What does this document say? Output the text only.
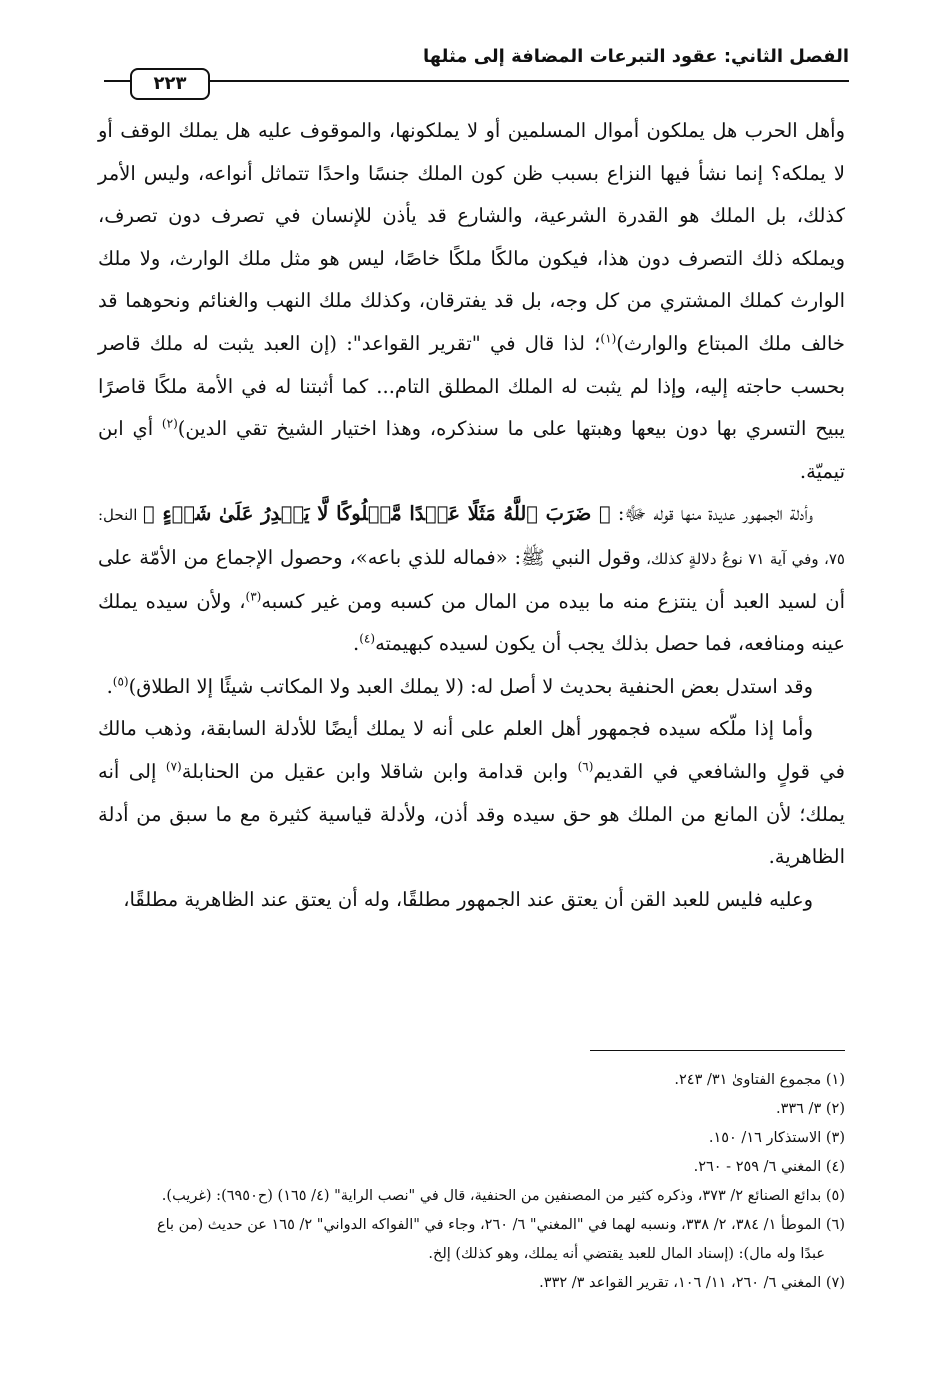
الفصل الثاني: عقود التبرعات المضافة إلى مثلها
٢٢٣

وأهل الحرب هل يملكون أموال المسلمين أو لا يملكونها، والموقوف عليه هل يملك الوقف أو لا يملكه؟ إنما نشأ فيها النزاع بسبب ظن كون الملك جنسًا واحدًا تتماثل أنواعه، وليس الأمر كذلك، بل الملك هو القدرة الشرعية، والشارع قد يأذن للإنسان في تصرف دون تصرف، ويملكه ذلك التصرف دون هذا، فيكون مالكًا ملكًا خاصًا، ليس هو مثل ملك الوارث، ولا ملك الوارث كملك المشتري من كل وجه، بل قد يفترقان، وكذلك ملك النهب والغنائم ونحوهما قد خالف ملك المبتاع والوارث)$^{(١)}$؛ لذا قال في "تقرير القواعد": (إن العبد يثبت له ملك قاصر بحسب حاجته إليه، وإذا لم يثبت له الملك المطلق التام... كما أثبتنا له في الأمة ملكًا قاصرًا يبيح التسري بها دون بيعها وهبتها على ما سنذكره، وهذا اختيار الشيخ تقي الدين)$^{(٢)}$ أي ابن تيميّة.

وأدلة الجمهور عديدة منها قوله ﷻ: ﴿ ضَرَبَ ٱللَّهُ مَثَلًا عَبۡدًا مَّمۡلُوكًا لَّا يَقۡدِرُ عَلَىٰ شَيۡءٍ ﴾ النحل: ٧٥، وفي آية ٧١ نوعُ دلالةٍ كذلك، وقول النبي ﷺ: «فماله للذي باعه»، وحصول الإجماع من الأمّة على أن لسيد العبد أن ينتزع منه ما بيده من المال من كسبه ومن غير كسبه$^{(٣)}$، ولأن سيده يملك عينه ومنافعه، فما حصل بذلك يجب أن يكون لسيده كبهيمته$^{(٤)}$.

وقد استدل بعض الحنفية بحديث لا أصل له: (لا يملك العبد ولا المكاتب شيئًا إلا الطلاق)$^{(٥)}$.

وأما إذا ملّكه سيده فجمهور أهل العلم على أنه لا يملك أيضًا للأدلة السابقة، وذهب مالك في قولٍ والشافعي في القديم$^{(٦)}$ وابن قدامة وابن شاقلا وابن عقيل من الحنابلة$^{(٧)}$ إلى أنه يملك؛ لأن المانع من الملك هو حق سيده وقد أذن، ولأدلة قياسية كثيرة مع ما سبق من أدلة الظاهرية.

وعليه فليس للعبد القن أن يعتق عند الجمهور مطلقًا، وله أن يعتق عند الظاهرية مطلقًا،

(١) مجموع الفتاوىٰ ٣١/ ٢٤٣.

(٢) ٣/ ٣٣٦.

(٣) الاستذكار ١٦/ ١٥٠.

(٤) المغني ٦/ ٢٥٩ - ٢٦٠.

(٥) بدائع الصنائع ٢/ ٣٧٣، وذكره كثير من المصنفين من الحنفية، قال في "نصب الراية" (٤/ ١٦٥) (ح٦٩٥٠): (غريب).

(٦) الموطأ ١/ ٣٨٤، ٢/ ٣٣٨، ونسبه لهما في "المغني" ٦/ ٢٦٠، وجاء في "الفواكه الدواني" ٢/ ١٦٥ عن حديث (من باع

عبدًا وله مال): (إسناد المال للعبد يقتضي أنه يملك، وهو كذلك) إلخ.

(٧) المغني ٦/ ٢٦٠، ١١/ ١٠٦، تقرير القواعد ٣/ ٣٣٢.
